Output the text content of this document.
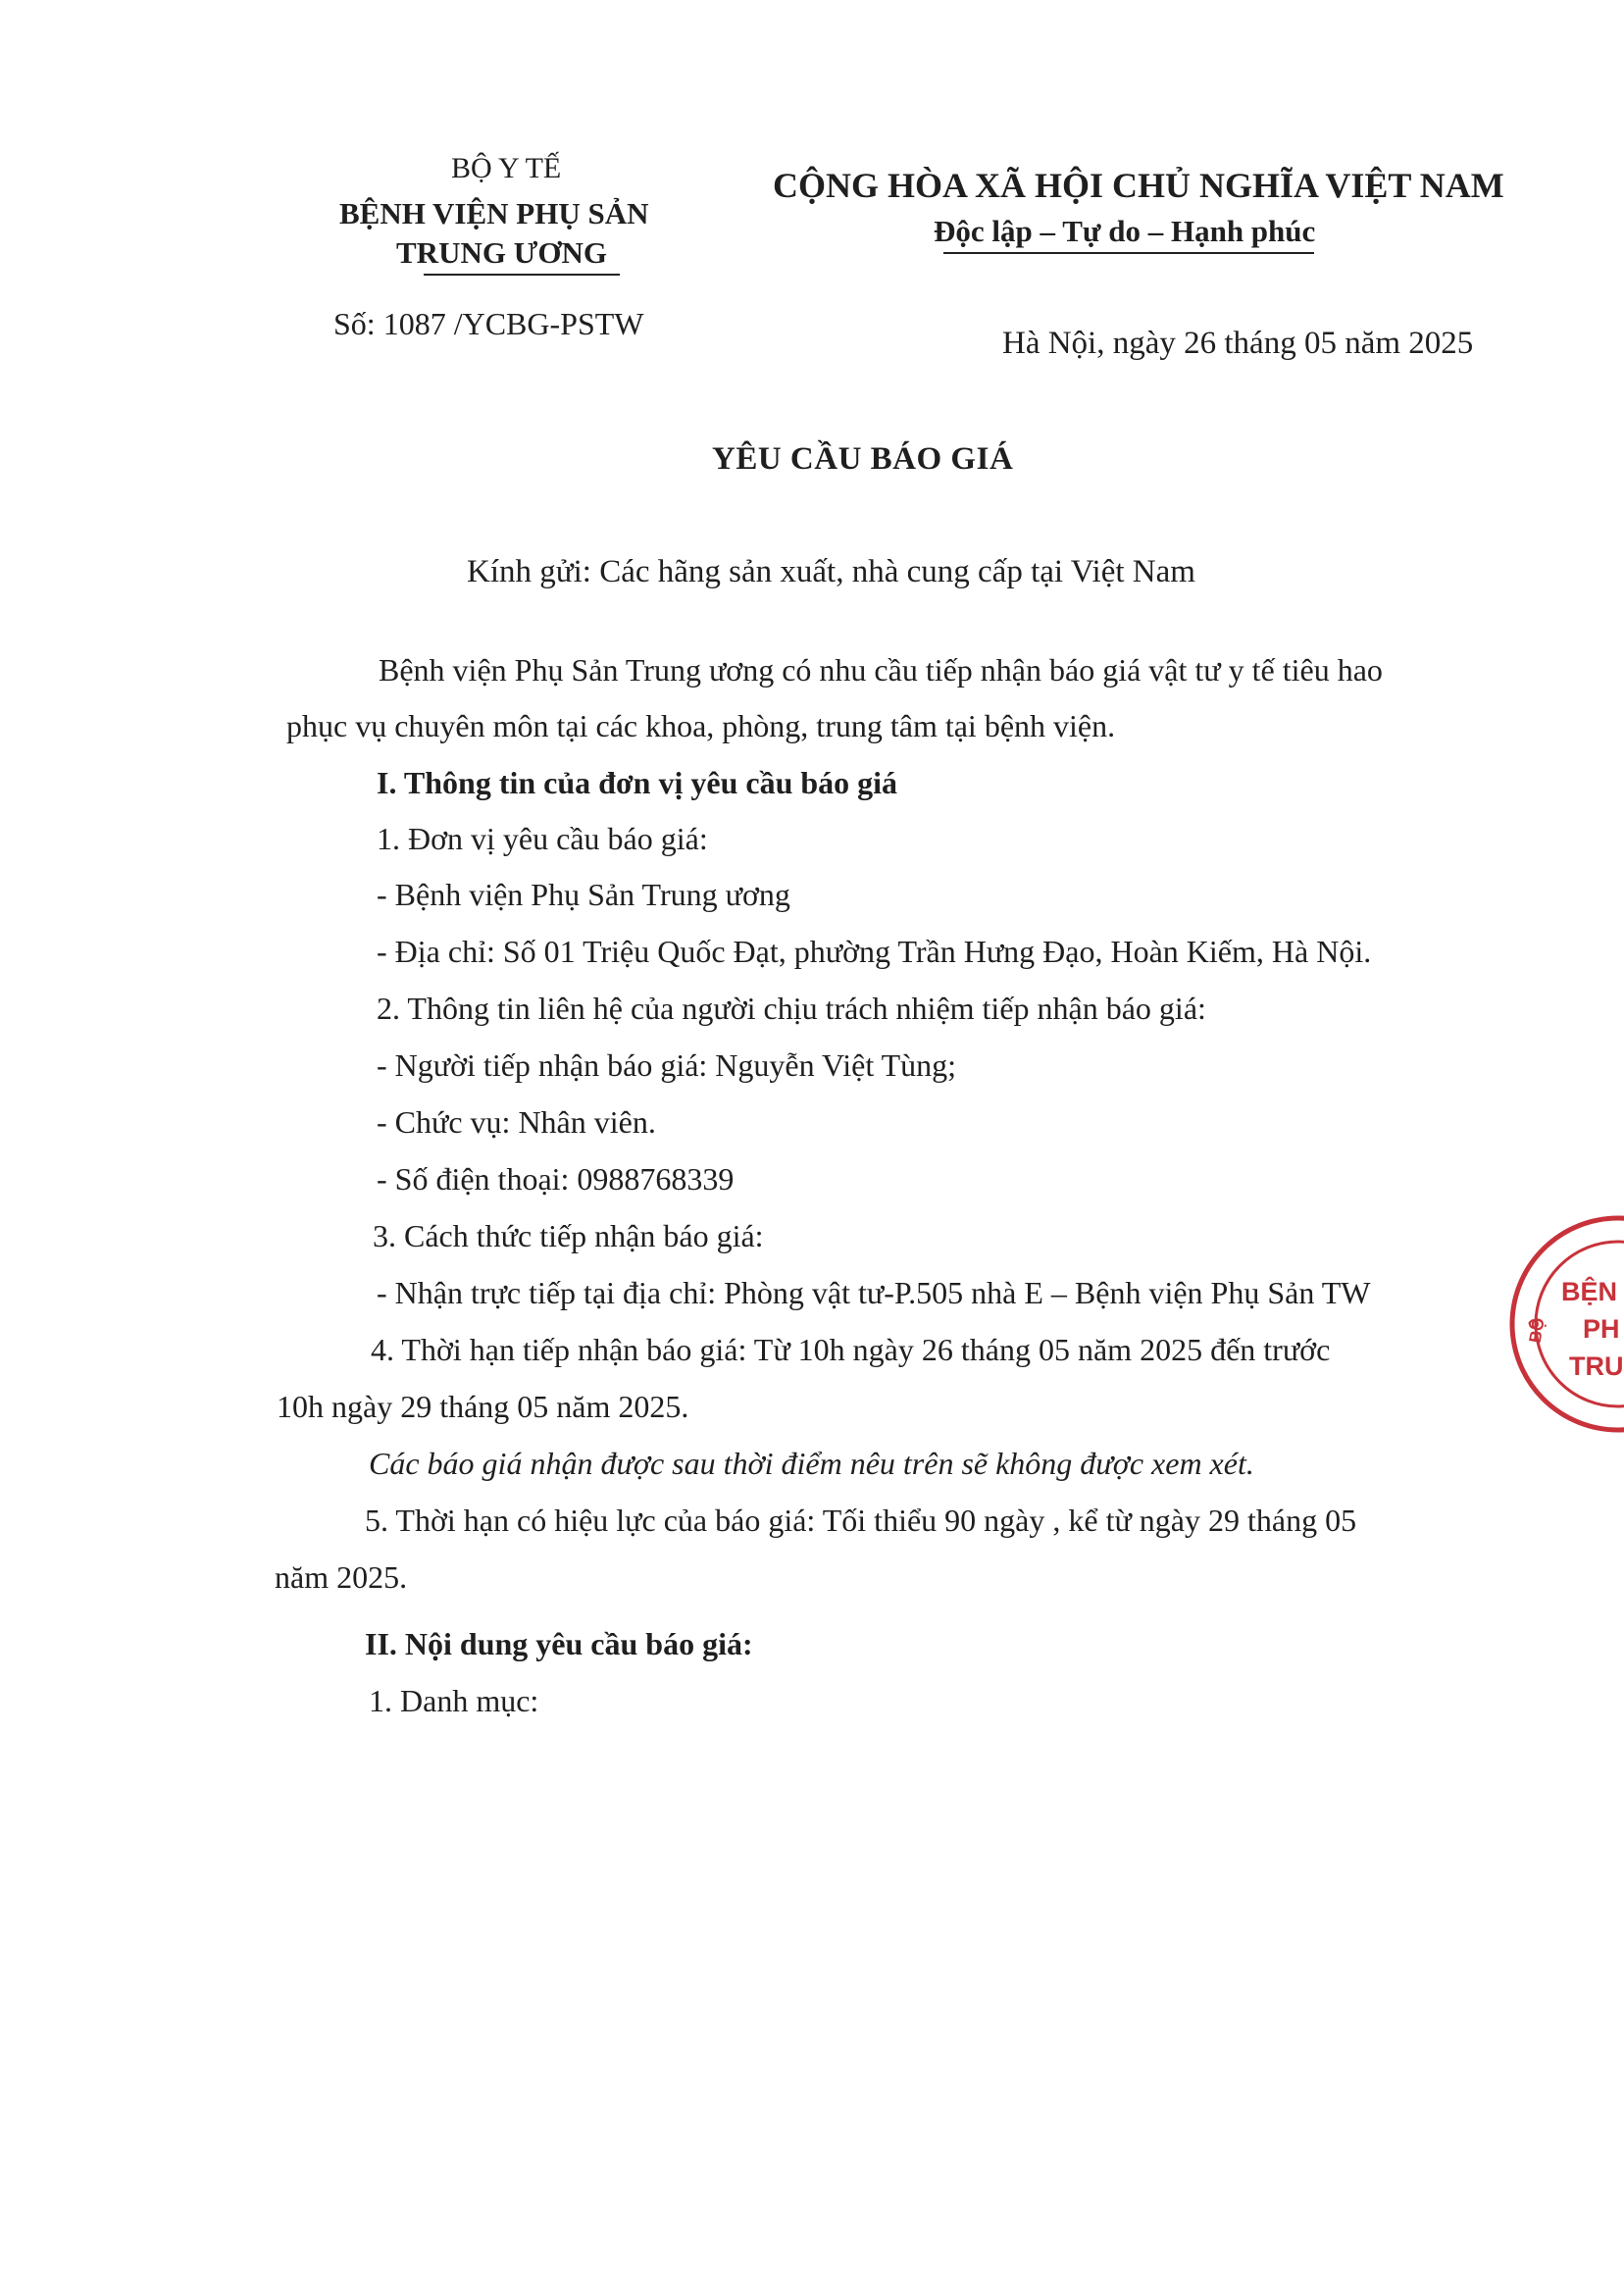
BỘ Y TẾ
BỆNH VIỆN PHỤ SẢN
TRUNG ƯƠNG
Số: 1087 /YCBG-PSTW
CỘNG HÒA XÃ HỘI CHỦ NGHĨA VIỆT NAM
Độc lập – Tự do – Hạnh phúc
Hà Nội, ngày 26 tháng 05 năm 2025
YÊU CẦU BÁO GIÁ
Kính gửi: Các hãng sản xuất, nhà cung cấp tại Việt Nam
Bệnh viện Phụ Sản Trung ương có nhu cầu tiếp nhận báo giá vật tư y tế tiêu hao
phục vụ chuyên môn tại các khoa, phòng, trung tâm tại bệnh viện.
I. Thông tin của đơn vị yêu cầu báo giá
1. Đơn vị yêu cầu báo giá:
- Bệnh viện Phụ Sản Trung ương
- Địa chỉ: Số 01 Triệu Quốc Đạt, phường Trần Hưng Đạo, Hoàn Kiếm, Hà Nội.
2. Thông tin liên hệ của người chịu trách nhiệm tiếp nhận báo giá:
- Người tiếp nhận báo giá: Nguyễn Việt Tùng;
- Chức vụ: Nhân viên.
- Số điện thoại: 0988768339
3. Cách thức tiếp nhận báo giá:
- Nhận trực tiếp tại địa chỉ: Phòng vật tư-P.505 nhà E – Bệnh viện Phụ Sản TW
4. Thời hạn tiếp nhận báo giá: Từ 10h ngày 26 tháng 05 năm 2025 đến trước
10h ngày 29 tháng 05 năm 2025.
Các báo giá nhận được sau thời điểm nêu trên sẽ không được xem xét.
5. Thời hạn có hiệu lực của báo giá: Tối thiểu 90 ngày , kể từ ngày 29 tháng 05
năm 2025.
II. Nội dung yêu cầu báo giá:
1. Danh mục:
BỆN
PH
TRU
BỘ
